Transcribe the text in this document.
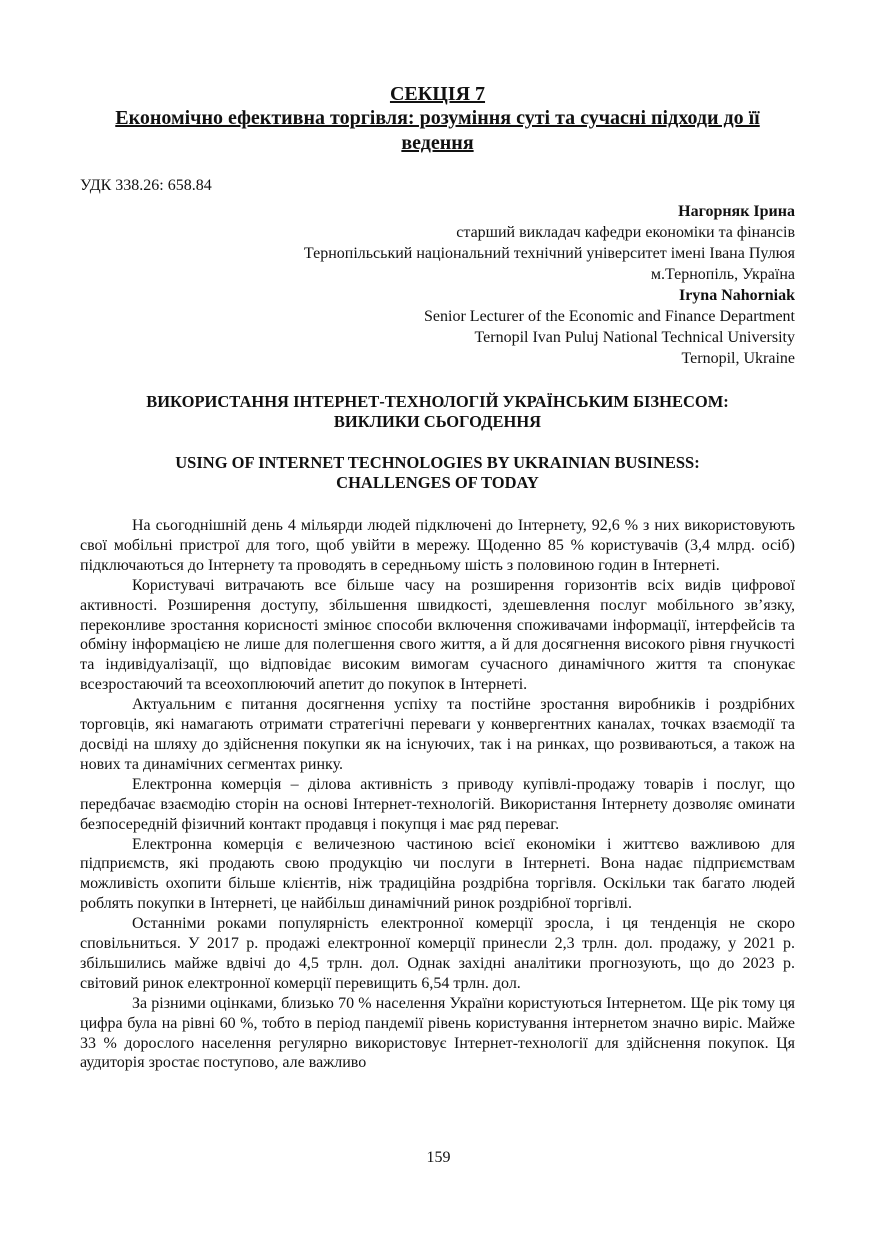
СЕКЦІЯ 7
Економічно ефективна торгівля: розуміння суті та сучасні підходи до її ведення
УДК 338.26: 658.84
Нагорняк Ірина
старший викладач кафедри економіки та фінансів
Тернопільський національний технічний університет імені Івана Пулюя
м.Тернопіль, Україна
Iryna Nahorniak
Senior Lecturer of the Economic and Finance Department
Ternopil Ivan Puluj National Technical University
Ternopil, Ukraine
ВИКОРИСТАННЯ ІНТЕРНЕТ-ТЕХНОЛОГІЙ УКРАЇНСЬКИМ БІЗНЕСОМ:
ВИКЛИКИ СЬОГОДЕННЯ
USING OF INTERNET TECHNOLOGIES BY UKRAINIAN BUSINESS:
CHALLENGES OF TODAY

На сьогоднішній день 4 мільярди людей підключені до Інтернету, 92,6 % з них використовують свої мобільні пристрої для того, щоб увійти в мережу. Щоденно 85 % користувачів (3,4 млрд. осіб) підключаються до Інтернету та проводять в середньому шість з половиною годин в Інтернеті.

Користувачі витрачають все більше часу на розширення горизонтів всіх видів цифрової активності. Розширення доступу, збільшення швидкості, здешевлення послуг мобільного зв’язку, переконливе зростання корисності змінює способи включення споживачами інформації, інтерфейсів та обміну інформацією не лише для полегшення свого життя, а й для досягнення високого рівня гнучкості та індивідуалізації, що відповідає високим вимогам сучасного динамічного життя та спонукає всезростаючий та всеохоплюючий апетит до покупок в Інтернеті.

Актуальним є питання досягнення успіху та постійне зростання виробників і роздрібних торговців, які намагають отримати стратегічні переваги у конвергентних каналах, точках взаємодії та досвіді на шляху до здійснення покупки як на існуючих, так і на ринках, що розвиваються, а також на нових та динамічних сегментах ринку.

Електронна комерція – ділова активність з приводу купівлі-продажу товарів і послуг, що передбачає взаємодію сторін на основі Інтернет-технологій. Використання Інтернету дозволяє оминати безпосередній фізичний контакт продавця і покупця і має ряд переваг.

Електронна комерція є величезною частиною всієї економіки і життєво важливою для підприємств, які продають свою продукцію чи послуги в Інтернеті. Вона надає підприємствам можливість охопити більше клієнтів, ніж традиційна роздрібна торгівля. Оскільки так багато людей роблять покупки в Інтернеті, це найбільш динамічний ринок роздрібної торгівлі.

Останніми роками популярність електронної комерції зросла, і ця тенденція не скоро сповільниться. У 2017 р. продажі електронної комерції принесли 2,3 трлн. дол. продажу, у 2021 р. збільшились майже вдвічі до 4,5 трлн. дол. Однак західні аналітики прогнозують, що до 2023 р. світовий ринок електронної комерції перевищить 6,54 трлн. дол.

За різними оцінками, близько 70 % населення України користуються Інтернетом. Ще рік тому ця цифра була на рівні 60 %, тобто в період пандемії рівень користування інтернетом значно виріс. Майже 33 % дорослого населення регулярно використовує Інтернет-технології для здійснення покупок. Ця аудиторія зростає поступово, але важливо

159
